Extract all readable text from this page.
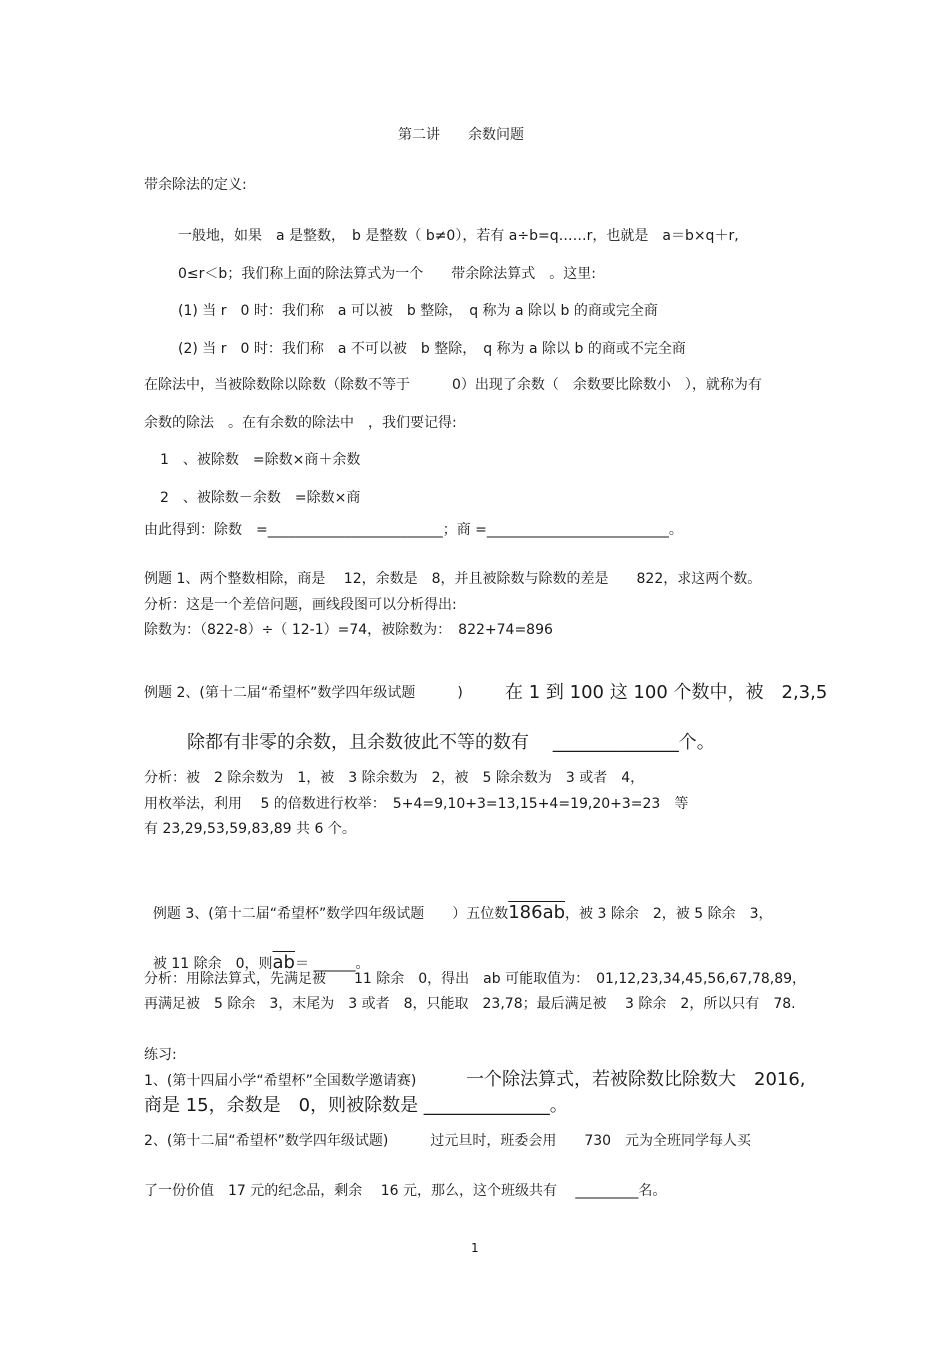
第二讲　　余数问题
带余除法的定义:
一般地，如果　a 是整数，　b 是整数（ b≠0），若有 a÷b=q……r，也就是　a＝b×q＋r,
0≤r＜b；我们称上面的除法算式为一个　　带余除法算式　。这里:
(1) 当 r　0 时：我们称　a 可以被　b 整除，　q 称为 a 除以 b 的商或完全商
(2) 当 r　0 时：我们称　a 不可以被　b 整除，　q 称为 a 除以 b 的商或不完全商
在除法中，当被除数除以除数（除数不等于　　　0）出现了余数（　余数要比除数小　），就称为有
余数的除法　。在有余数的除法中　，我们要记得:
1　、被除数　=除数×商＋余数
2　、被除数－余数　=除数×商
由此得到：除数　=_________________________；商 =__________________________。
例题 1、两个整数相除，商是　 12，余数是　8，并且被除数与除数的差是　　822，求这两个数。
分析：这是一个差倍问题，画线段图可以分析得出:
除数为：（822-8）÷（ 12-1）=74，被除数为：　822+74=896
例题 2、(第十二届“希望杯”数学四年级试题　　　) 在 1 到 100 这 100 个数中，被　2,3,5
除都有非零的余数，且余数彼此不等的数有　 ______________个。
分析：被　2 除余数为　1，被　3 除余数为　2，被　5 除余数为　3 或者　4，
用枚举法，利用　 5 的倍数进行枚举：　5+4=9,10+3=13,15+4=19,20+3=23　等
有 23,29,53,59,83,89 共 6 个。

例题 3、(第十二届“希望杯”数学四年级试题　　）五位数186ab，被 3 除余　2，被 5 除余　3，

被 11 除余　0，则$\overline{ab}=$ ______。

分析：用除法算式，先满足被　　11 除余　0，得出　ab 可能取值为：　01,12,23,34,45,56,67,78,89，
再满足被　5 除余　3，末尾为　3 或者　8，只能取　23,78；最后满足被　 3 除余　2，所以只有　78.
练习:
1、(第十四届小学“希望杯”全国数学邀请赛)	一个除法算式，若被除数比除数大　2016,
商是 15，余数是　0，则被除数是 ______________。
2、(第十二届“希望杯”数学四年级试题)　　　过元旦时，班委会用　　730　元为全班同学每人买
了一份价值　17 元的纪念品，剩余　 16 元，那么，这个班级共有　 _________名。
1
